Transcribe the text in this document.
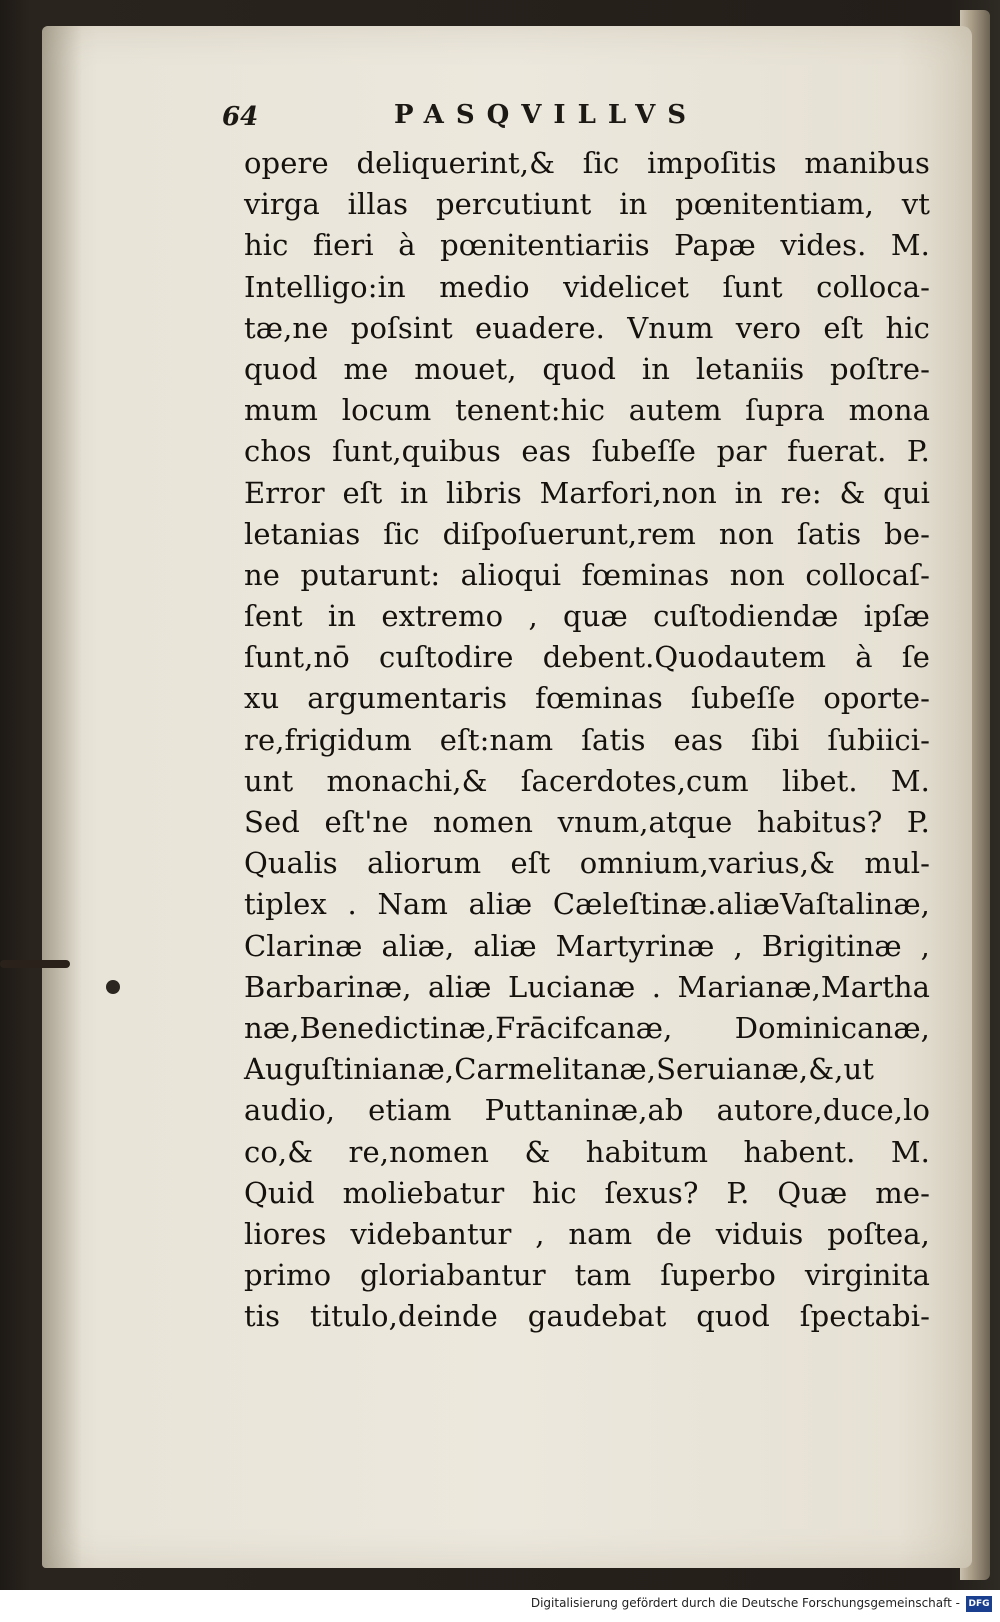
64	PASQVILLVS
opere deliquerint,& ſic impoſitis manibus
virga illas percutiunt in pœnitentiam, vt
hic fieri à pœnitentiariis Papæ vides. M.
Intelligo:in medio videlicet ſunt colloca-
tæ,ne poſsint euadere. Vnum vero eſt hic
quod me mouet, quod in letaniis poſtre-
mum locum tenent:hic autem ſupra mona
chos ſunt,quibus eas ſubeſſe par fuerat. P.
Error eſt in libris Marfori,non in re: & qui
letanias ſic diſpoſuerunt,rem non ſatis be-
ne putarunt: alioqui fœminas non collocaſ-
ſent in extremo , quæ cuſtodiendæ ipſæ
ſunt,nō cuſtodire debent.Quodautem à ſe
xu argumentaris fœminas ſubeſſe oporte-
re,frigidum eſt:nam ſatis eas ſibi ſubiici-
unt monachi,& ſacerdotes,cum libet. M.
Sed eſt'ne nomen vnum,atque habitus? P.
Qualis aliorum eſt omnium,varius,& mul-
tiplex . Nam aliæ Cæleſtinæ.aliæVaſtalinæ,
Clarinæ aliæ, aliæ Martyrinæ , Brigitinæ ,
Barbarinæ, aliæ Lucianæ . Marianæ,Martha
næ,Benedictinæ,Frācifcanæ, Dominicanæ,
Auguſtinianæ,Carmelitanæ,Seruianæ,&,ut
audio, etiam Puttaninæ,ab autore,duce,lo
co,& re,nomen & habitum habent. M.
Quid moliebatur hic ſexus? P. Quæ me-
liores videbantur , nam de viduis poſtea,
primo gloriabantur tam ſuperbo virginita
tis titulo,deinde gaudebat quod ſpectabi-
Digitalisierung gefördert durch die Deutsche Forschungsgemeinschaft - DFG
